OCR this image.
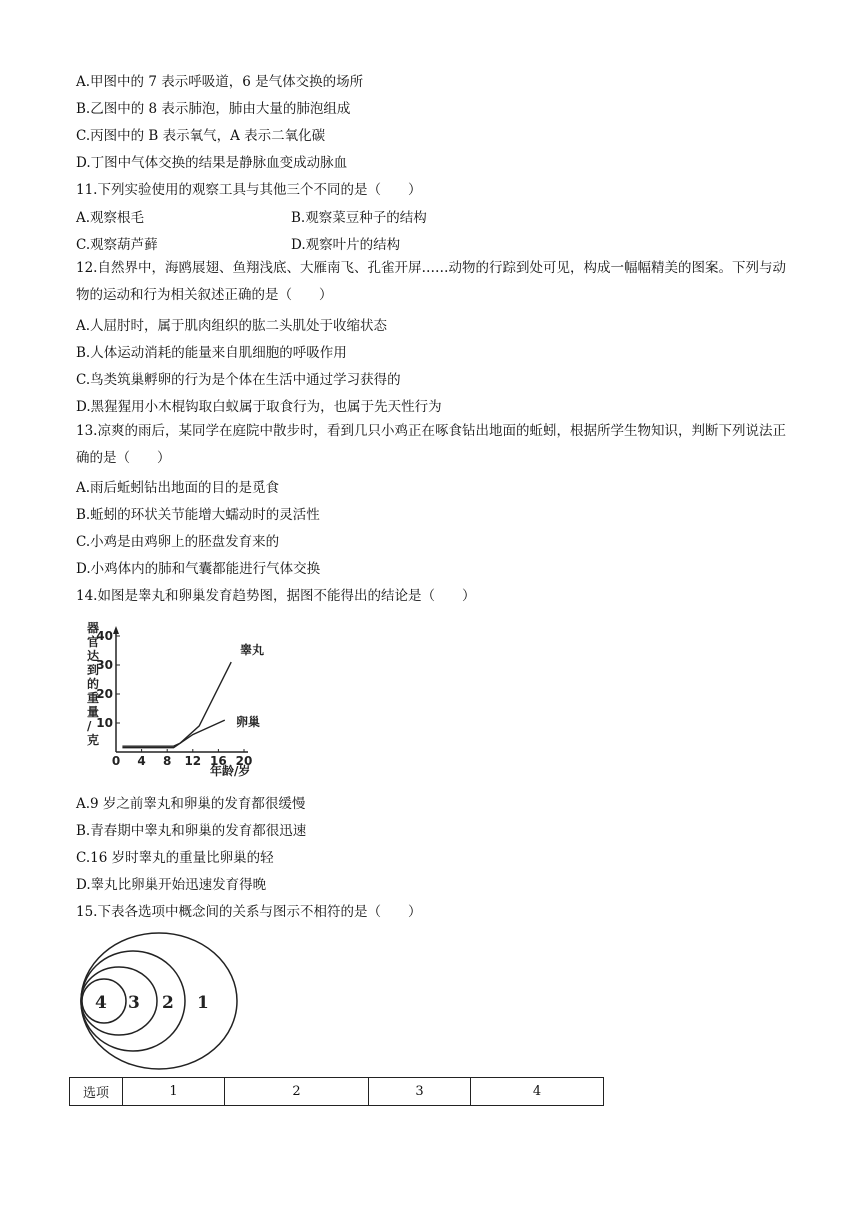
A.甲图中的 7 表示呼吸道，6 是气体交换的场所
B.乙图中的 8 表示肺泡，肺由大量的肺泡组成
C.丙图中的 B 表示氧气，A 表示二氧化碳
D.丁图中气体交换的结果是静脉血变成动脉血
11.下列实验使用的观察工具与其他三个不同的是（　　）
A.观察根毛	B.观察菜豆种子的结构
C.观察葫芦藓	D.观察叶片的结构
12.自然界中，海鸥展翅、鱼翔浅底、大雁南飞、孔雀开屏……动物的行踪到处可见，构成一幅幅精美的图案。下列与动物的运动和行为相关叙述正确的是（　　）
A.人屈肘时，属于肌肉组织的肱二头肌处于收缩状态
B.人体运动消耗的能量来自肌细胞的呼吸作用
C.鸟类筑巢孵卵的行为是个体在生活中通过学习获得的
D.黑猩猩用小木棍钩取白蚁属于取食行为，也属于先天性行为
13.凉爽的雨后，某同学在庭院中散步时，看到几只小鸡正在啄食钻出地面的蚯蚓，根据所学生物知识，判断下列说法正确的是（　　）
A.雨后蚯蚓钻出地面的目的是觅食
B.蚯蚓的环状关节能增大蠕动时的灵活性
C.小鸡是由鸡卵上的胚盘发育来的
D.小鸡体内的肺和气囊都能进行气体交换
14.如图是睾丸和卵巢发育趋势图，据图不能得出的结论是（　　）
器官达到的重量/克
10
20
30
40
0 4 8 12 16 20
睾丸
卵巢
年龄/岁
A.9 岁之前睾丸和卵巢的发育都很缓慢
B.青春期中睾丸和卵巢的发育都很迅速
C.16 岁时睾丸的重量比卵巢的轻
D.睾丸比卵巢开始迅速发育得晚
15.下表各选项中概念间的关系与图示不相符的是（　　）
4 3 2 1
选项	1	2	3	4
